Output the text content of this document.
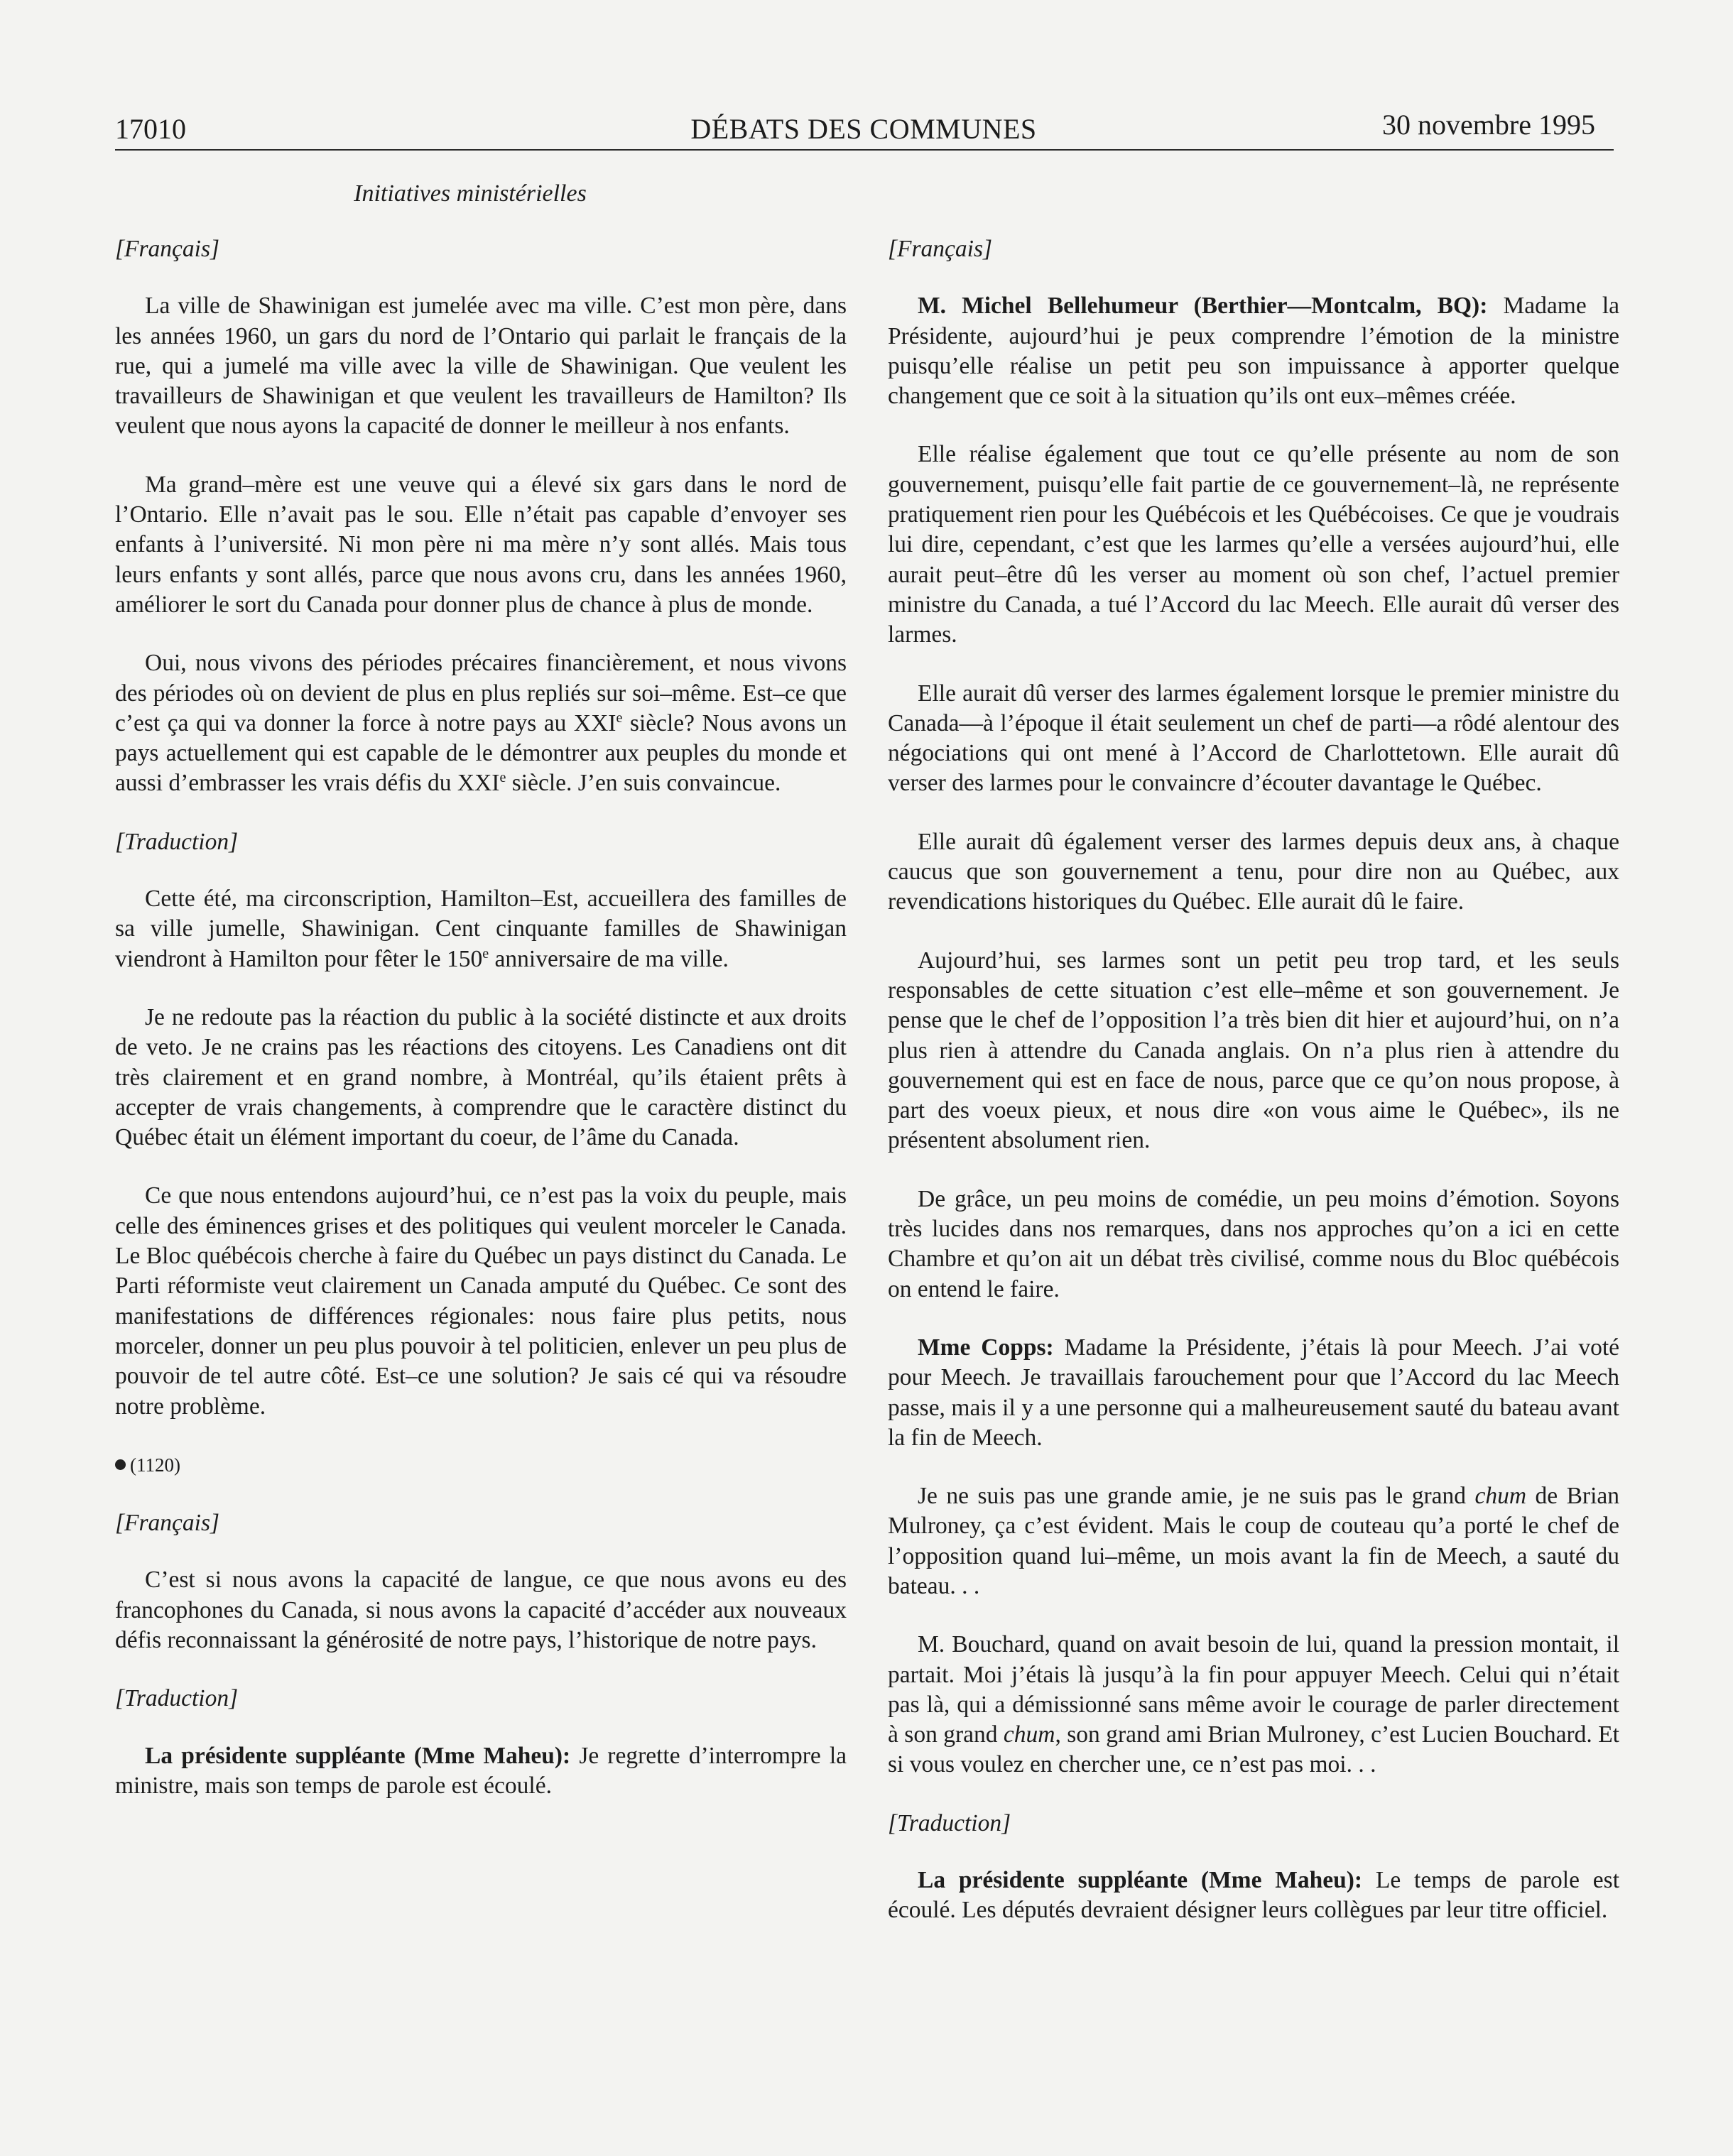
17010	DÉBATS DES COMMUNES	30 novembre 1995
Initiatives ministérielles

[Français]

La ville de Shawinigan est jumelée avec ma ville. C’est mon père, dans les années 1960, un gars du nord de l’Ontario qui parlait le français de la rue, qui a jumelé ma ville avec la ville de Shawinigan. Que veulent les travailleurs de Shawinigan et que veulent les travailleurs de Hamilton? Ils veulent que nous ayons la capacité de donner le meilleur à nos enfants.

Ma grand–mère est une veuve qui a élevé six gars dans le nord de l’Ontario. Elle n’avait pas le sou. Elle n’était pas capable d’envoyer ses enfants à l’université. Ni mon père ni ma mère n’y sont allés. Mais tous leurs enfants y sont allés, parce que nous avons cru, dans les années 1960, améliorer le sort du Canada pour donner plus de chance à plus de monde.

Oui, nous vivons des périodes précaires financièrement, et nous vivons des périodes où on devient de plus en plus repliés sur soi–même. Est–ce que c’est ça qui va donner la force à notre pays au XXIe siècle? Nous avons un pays actuellement qui est capable de le démontrer aux peuples du monde et aussi d’embrasser les vrais défis du XXIe siècle. J’en suis convaincue.

[Traduction]

Cette été, ma circonscription, Hamilton–Est, accueillera des familles de sa ville jumelle, Shawinigan. Cent cinquante familles de Shawinigan viendront à Hamilton pour fêter le 150e anniversaire de ma ville.

Je ne redoute pas la réaction du public à la société distincte et aux droits de veto. Je ne crains pas les réactions des citoyens. Les Canadiens ont dit très clairement et en grand nombre, à Montréal, qu’ils étaient prêts à accepter de vrais changements, à comprendre que le caractère distinct du Québec était un élément important du coeur, de l’âme du Canada.

Ce que nous entendons aujourd’hui, ce n’est pas la voix du peuple, mais celle des éminences grises et des politiques qui veulent morceler le Canada. Le Bloc québécois cherche à faire du Québec un pays distinct du Canada. Le Parti réformiste veut clairement un Canada amputé du Québec. Ce sont des manifestations de différences régionales: nous faire plus petits, nous morceler, donner un peu plus pouvoir à tel politicien, enlever un peu plus de pouvoir de tel autre côté. Est–ce une solution? Je sais cé qui va résoudre notre problème.

(1120)

[Français]

C’est si nous avons la capacité de langue, ce que nous avons eu des francophones du Canada, si nous avons la capacité d’accéder aux nouveaux défis reconnaissant la générosité de notre pays, l’historique de notre pays.

[Traduction]

La présidente suppléante (Mme Maheu): Je regrette d’interrompre la ministre, mais son temps de parole est écoulé.

[Français]

M. Michel Bellehumeur (Berthier—Montcalm, BQ): Madame la Présidente, aujourd’hui je peux comprendre l’émotion de la ministre puisqu’elle réalise un petit peu son impuissance à apporter quelque changement que ce soit à la situation qu’ils ont eux–mêmes créée.

Elle réalise également que tout ce qu’elle présente au nom de son gouvernement, puisqu’elle fait partie de ce gouvernement–là, ne représente pratiquement rien pour les Québécois et les Québécoises. Ce que je voudrais lui dire, cependant, c’est que les larmes qu’elle a versées aujourd’hui, elle aurait peut–être dû les verser au moment où son chef, l’actuel premier ministre du Canada, a tué l’Accord du lac Meech. Elle aurait dû verser des larmes.

Elle aurait dû verser des larmes également lorsque le premier ministre du Canada—à l’époque il était seulement un chef de parti—a rôdé alentour des négociations qui ont mené à l’Accord de Charlottetown. Elle aurait dû verser des larmes pour le convaincre d’écouter davantage le Québec.

Elle aurait dû également verser des larmes depuis deux ans, à chaque caucus que son gouvernement a tenu, pour dire non au Québec, aux revendications historiques du Québec. Elle aurait dû le faire.

Aujourd’hui, ses larmes sont un petit peu trop tard, et les seuls responsables de cette situation c’est elle–même et son gouvernement. Je pense que le chef de l’opposition l’a très bien dit hier et aujourd’hui, on n’a plus rien à attendre du Canada anglais. On n’a plus rien à attendre du gouvernement qui est en face de nous, parce que ce qu’on nous propose, à part des voeux pieux, et nous dire «on vous aime le Québec», ils ne présentent absolument rien.

De grâce, un peu moins de comédie, un peu moins d’émotion. Soyons très lucides dans nos remarques, dans nos approches qu’on a ici en cette Chambre et qu’on ait un débat très civilisé, comme nous du Bloc québécois on entend le faire.

Mme Copps: Madame la Présidente, j’étais là pour Meech. J’ai voté pour Meech. Je travaillais farouchement pour que l’Accord du lac Meech passe, mais il y a une personne qui a malheureusement sauté du bateau avant la fin de Meech.

Je ne suis pas une grande amie, je ne suis pas le grand chum de Brian Mulroney, ça c’est évident. Mais le coup de couteau qu’a porté le chef de l’opposition quand lui–même, un mois avant la fin de Meech, a sauté du bateau. . .

M. Bouchard, quand on avait besoin de lui, quand la pression montait, il partait. Moi j’étais là jusqu’à la fin pour appuyer Meech. Celui qui n’était pas là, qui a démissionné sans même avoir le courage de parler directement à son grand chum, son grand ami Brian Mulroney, c’est Lucien Bouchard. Et si vous voulez en chercher une, ce n’est pas moi. . .

[Traduction]

La présidente suppléante (Mme Maheu): Le temps de parole est écoulé. Les députés devraient désigner leurs collègues par leur titre officiel.
